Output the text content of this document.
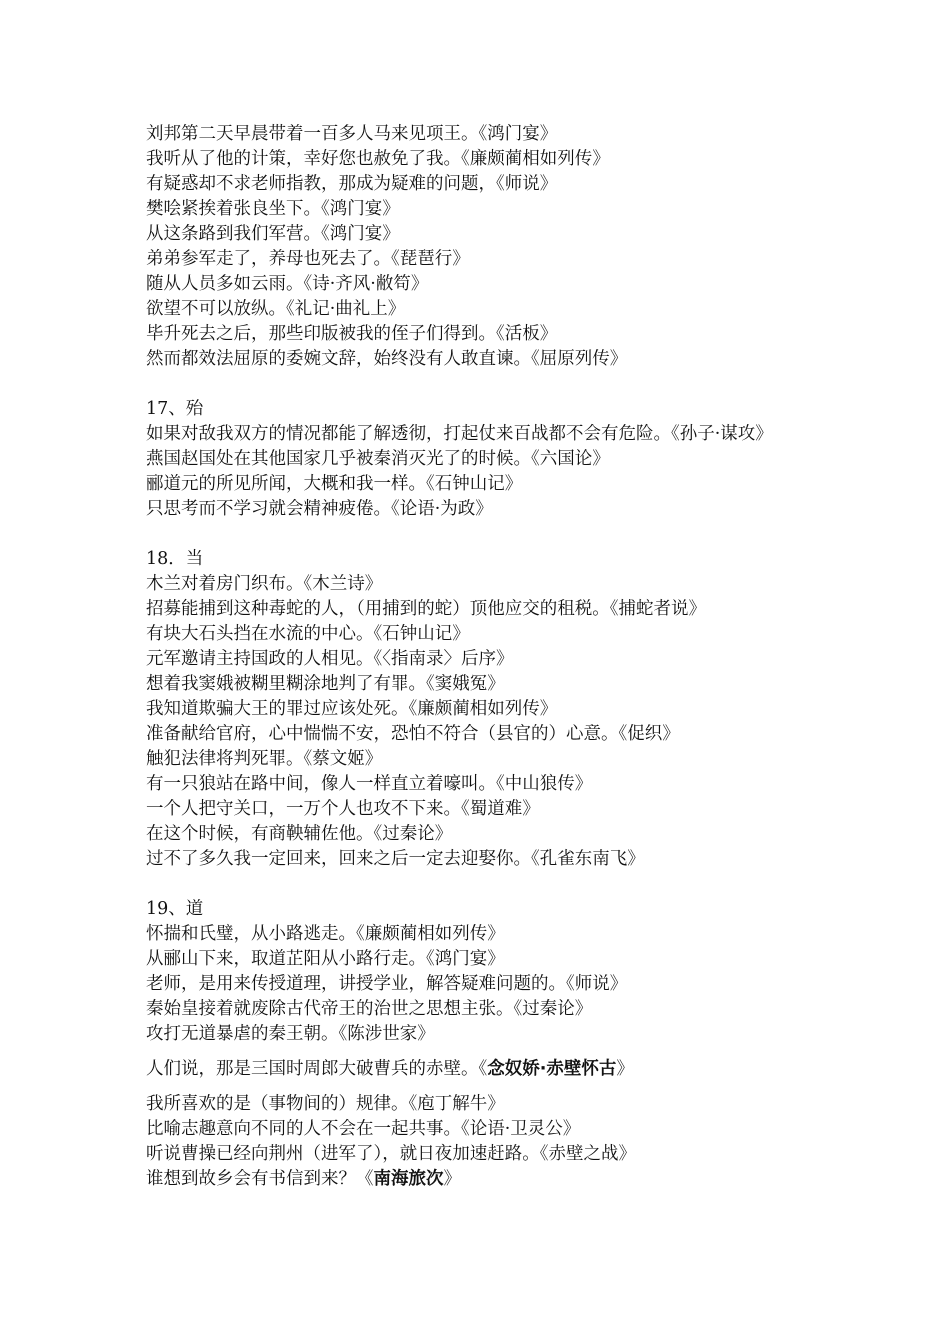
刘邦第二天早晨带着一百多人马来见项王。《鸿门宴》
我听从了他的计策，幸好您也赦免了我。《廉颇蔺相如列传》
有疑惑却不求老师指教，那成为疑难的问题，《师说》
樊哙紧挨着张良坐下。《鸿门宴》
从这条路到我们军营。《鸿门宴》
弟弟参军走了，养母也死去了。《琵琶行》
随从人员多如云雨。《诗·齐风·敝笱》
欲望不可以放纵。《礼记·曲礼上》
毕升死去之后，那些印版被我的侄子们得到。《活板》
然而都效法屈原的委婉文辞，始终没有人敢直谏。《屈原列传》
17、殆
如果对敌我双方的情况都能了解透彻，打起仗来百战都不会有危险。《孙子·谋攻》
燕国赵国处在其他国家几乎被秦消灭光了的时候。《六国论》
郦道元的所见所闻，大概和我一样。《石钟山记》
只思考而不学习就会精神疲倦。《论语·为政》
18．当
木兰对着房门织布。《木兰诗》
招募能捕到这种毒蛇的人，（用捕到的蛇）顶他应交的租税。《捕蛇者说》
有块大石头挡在水流的中心。《石钟山记》
元军邀请主持国政的人相见。《〈指南录〉后序》
想着我窦娥被糊里糊涂地判了有罪。《窦娥冤》
我知道欺骗大王的罪过应该处死。《廉颇蔺相如列传》
准备献给官府，心中惴惴不安，恐怕不符合（县官的）心意。《促织》
触犯法律将判死罪。《蔡文姬》
有一只狼站在路中间，像人一样直立着嚎叫。《中山狼传》
一个人把守关口，一万个人也攻不下来。《蜀道难》
在这个时候，有商鞅辅佐他。《过秦论》
过不了多久我一定回来，回来之后一定去迎娶你。《孔雀东南飞》
19、道
怀揣和氏璧，从小路逃走。《廉颇蔺相如列传》
从郦山下来，取道芷阳从小路行走。《鸿门宴》
老师，是用来传授道理，讲授学业，解答疑难问题的。《师说》
秦始皇接着就废除古代帝王的治世之思想主张。《过秦论》
攻打无道暴虐的秦王朝。《陈涉世家》
人们说，那是三国时周郎大破曹兵的赤壁。《念奴娇·赤壁怀古》
我所喜欢的是（事物间的）规律。《庖丁解牛》
比喻志趣意向不同的人不会在一起共事。《论语·卫灵公》
听说曹操已经向荆州（进军了），就日夜加速赶路。《赤壁之战》
谁想到故乡会有书信到来？《南海旅次》
